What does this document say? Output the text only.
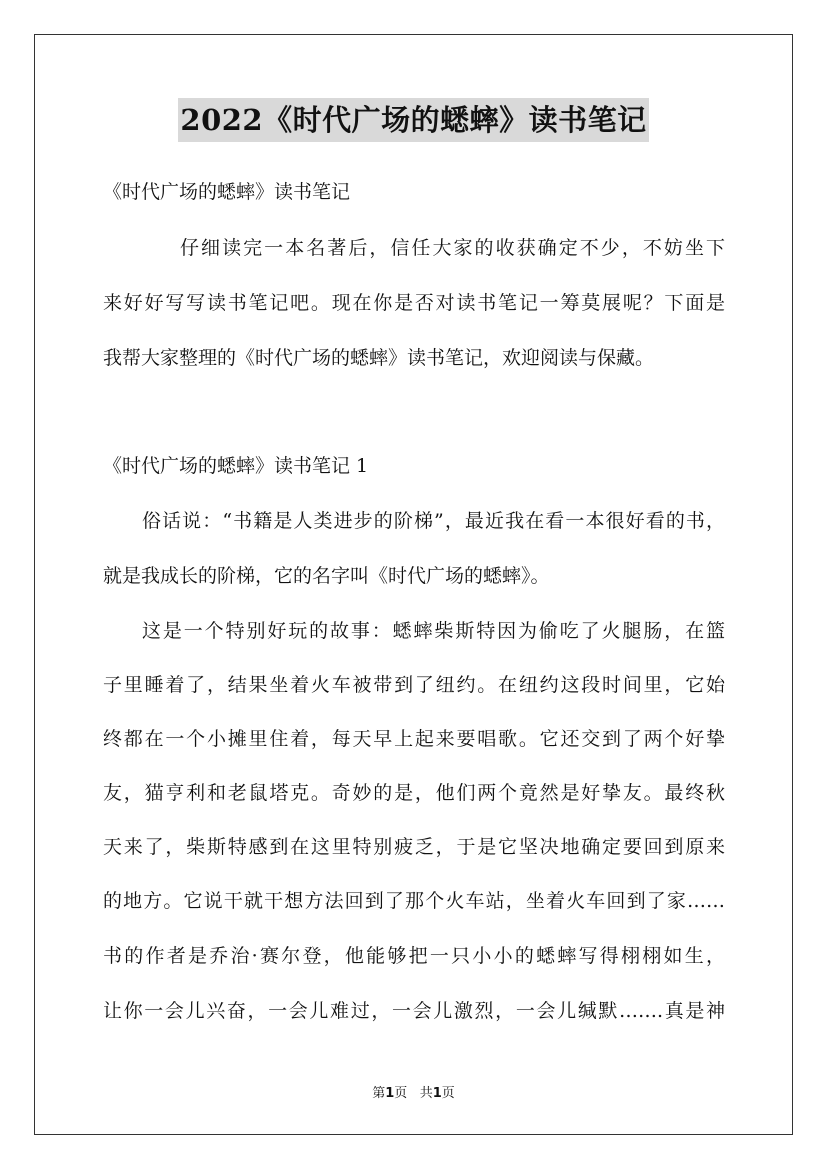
2022《时代广场的蟋蟀》读书笔记
《时代广场的蟋蟀》读书笔记
仔细读完一本名著后，信任大家的收获确定不少，不妨坐下
来好好写写读书笔记吧。现在你是否对读书笔记一筹莫展呢？下面是
我帮大家整理的《时代广场的蟋蟀》读书笔记，欢迎阅读与保藏。
《时代广场的蟋蟀》读书笔记 1
俗话说：“书籍是人类进步的阶梯”，最近我在看一本很好看的书，
就是我成长的阶梯，它的名字叫《时代广场的蟋蟀》。
这是一个特别好玩的故事：蟋蟀柴斯特因为偷吃了火腿肠，在篮
子里睡着了，结果坐着火车被带到了纽约。在纽约这段时间里，它始
终都在一个小摊里住着，每天早上起来要唱歌。它还交到了两个好挚
友，猫亨利和老鼠塔克。奇妙的是，他们两个竟然是好挚友。最终秋
天来了，柴斯特感到在这里特别疲乏，于是它坚决地确定要回到原来
的地方。它说干就干想方法回到了那个火车站，坐着火车回到了家……
书的作者是乔治·赛尔登，他能够把一只小小的蟋蟀写得栩栩如生，
让你一会儿兴奋，一会儿难过，一会儿激烈，一会儿缄默…….真是神
第1页 共1页
